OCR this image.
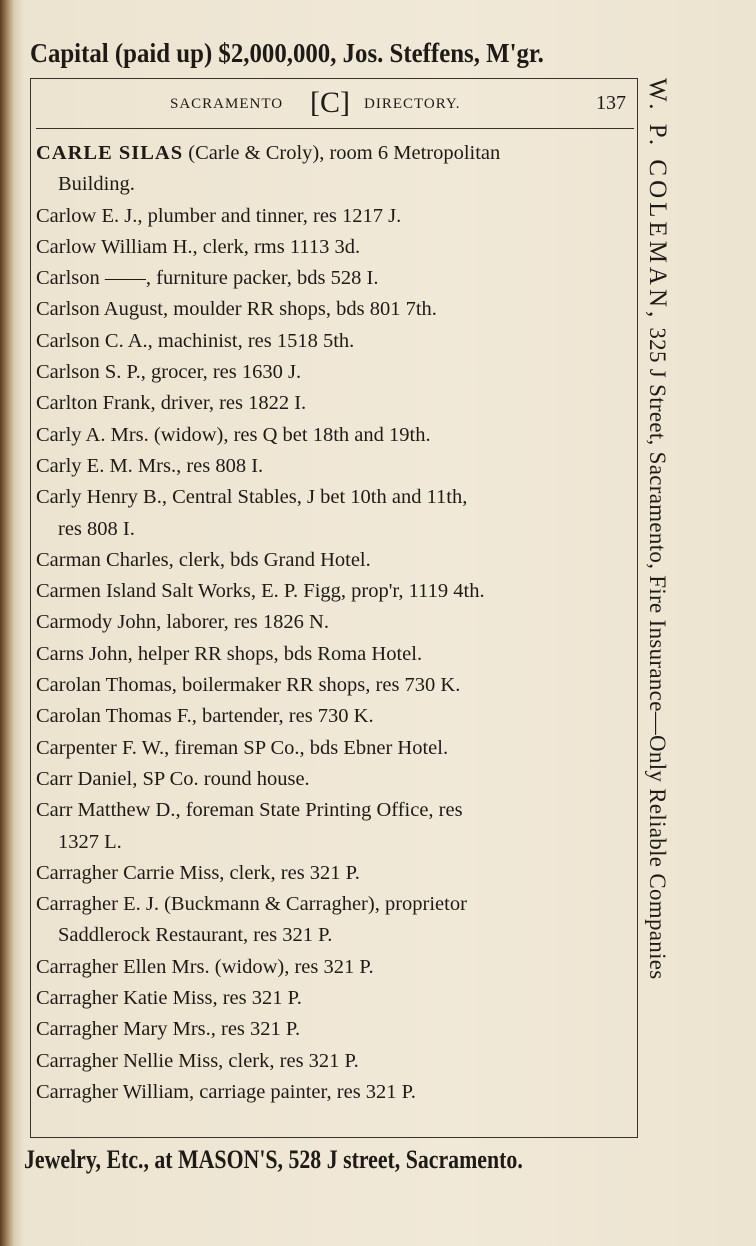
Capital (paid up) $2,000,000, Jos. Steffens, M'gr.
SACRAMENTO [C] DIRECTORY.	137
CARLE SILAS (Carle & Croly), room 6 Metropolitan
Building.
Carlow E. J., plumber and tinner, res 1217 J.
Carlow William H., clerk, rms 1113 3d.
Carlson ——, furniture packer, bds 528 I.
Carlson August, moulder RR shops, bds 801 7th.
Carlson C. A., machinist, res 1518 5th.
Carlson S. P., grocer, res 1630 J.
Carlton Frank, driver, res 1822 I.
Carly A. Mrs. (widow), res Q bet 18th and 19th.
Carly E. M. Mrs., res 808 I.
Carly Henry B., Central Stables, J bet 10th and 11th,
res 808 I.
Carman Charles, clerk, bds Grand Hotel.
Carmen Island Salt Works, E. P. Figg, prop'r, 1119 4th.
Carmody John, laborer, res 1826 N.
Carns John, helper RR shops, bds Roma Hotel.
Carolan Thomas, boilermaker RR shops, res 730 K.
Carolan Thomas F., bartender, res 730 K.
Carpenter F. W., fireman SP Co., bds Ebner Hotel.
Carr Daniel, SP Co. round house.
Carr Matthew D., foreman State Printing Office, res
1327 L.
Carragher Carrie Miss, clerk, res 321 P.
Carragher E. J. (Buckmann & Carragher), proprietor
Saddlerock Restaurant, res 321 P.
Carragher Ellen Mrs. (widow), res 321 P.
Carragher Katie Miss, res 321 P.
Carragher Mary Mrs., res 321 P.
Carragher Nellie Miss, clerk, res 321 P.
Carragher William, carriage painter, res 321 P.
W. P. COLEMAN, 325 J Street, Sacramento, Fire Insurance—Only Reliable Companies
Jewelry, Etc., at MASON'S, 528 J street, Sacramento.
